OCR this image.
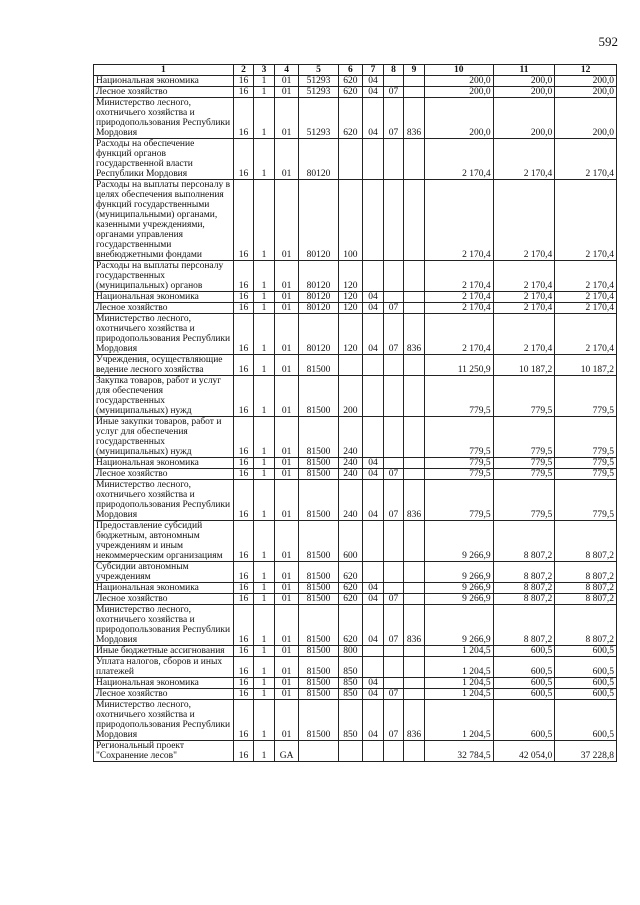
592
1	2	3	4	5	6	7	8	9	10	11	12
Национальная экономика	16	1	01	51293	620	04			200,0	200,0	200,0
Лесное хозяйство	16	1	01	51293	620	04	07		200,0	200,0	200,0
Министерство лесного, охотничьего хозяйства и природопользования Республики Мордовия	16	1	01	51293	620	04	07	836	200,0	200,0	200,0
Расходы на обеспечение функций органов государственной власти Республики Мордовия	16	1	01	80120					2 170,4	2 170,4	2 170,4
Расходы на выплаты персоналу в целях обеспечения выполнения функций государственными (муниципальными) органами, казенными учреждениями, органами управления государственными внебюджетными фондами	16	1	01	80120	100				2 170,4	2 170,4	2 170,4
Расходы на выплаты персоналу государственных (муниципальных) органов	16	1	01	80120	120				2 170,4	2 170,4	2 170,4
Национальная экономика	16	1	01	80120	120	04			2 170,4	2 170,4	2 170,4
Лесное хозяйство	16	1	01	80120	120	04	07		2 170,4	2 170,4	2 170,4
Министерство лесного, охотничьего хозяйства и природопользования Республики Мордовия	16	1	01	80120	120	04	07	836	2 170,4	2 170,4	2 170,4
Учреждения, осуществляющие ведение лесного хозяйства	16	1	01	81500					11 250,9	10 187,2	10 187,2
Закупка товаров, работ и услуг для обеспечения государственных (муниципальных) нужд	16	1	01	81500	200				779,5	779,5	779,5
Иные закупки товаров, работ и услуг для обеспечения государственных (муниципальных) нужд	16	1	01	81500	240				779,5	779,5	779,5
Национальная экономика	16	1	01	81500	240	04			779,5	779,5	779,5
Лесное хозяйство	16	1	01	81500	240	04	07		779,5	779,5	779,5
Министерство лесного, охотничьего хозяйства и природопользования Республики Мордовия	16	1	01	81500	240	04	07	836	779,5	779,5	779,5
Предоставление субсидий бюджетным, автономным учреждениям и иным некоммерческим организациям	16	1	01	81500	600				9 266,9	8 807,2	8 807,2
Субсидии автономным учреждениям	16	1	01	81500	620				9 266,9	8 807,2	8 807,2
Национальная экономика	16	1	01	81500	620	04			9 266,9	8 807,2	8 807,2
Лесное хозяйство	16	1	01	81500	620	04	07		9 266,9	8 807,2	8 807,2
Министерство лесного, охотничьего хозяйства и природопользования Республики Мордовия	16	1	01	81500	620	04	07	836	9 266,9	8 807,2	8 807,2
Иные бюджетные ассигнования	16	1	01	81500	800				1 204,5	600,5	600,5
Уплата налогов, сборов и иных платежей	16	1	01	81500	850				1 204,5	600,5	600,5
Национальная экономика	16	1	01	81500	850	04			1 204,5	600,5	600,5
Лесное хозяйство	16	1	01	81500	850	04	07		1 204,5	600,5	600,5
Министерство лесного, охотничьего хозяйства и природопользования Республики Мордовия	16	1	01	81500	850	04	07	836	1 204,5	600,5	600,5
Региональный проект "Сохранение лесов"	16	1	GA						32 784,5	42 054,0	37 228,8
